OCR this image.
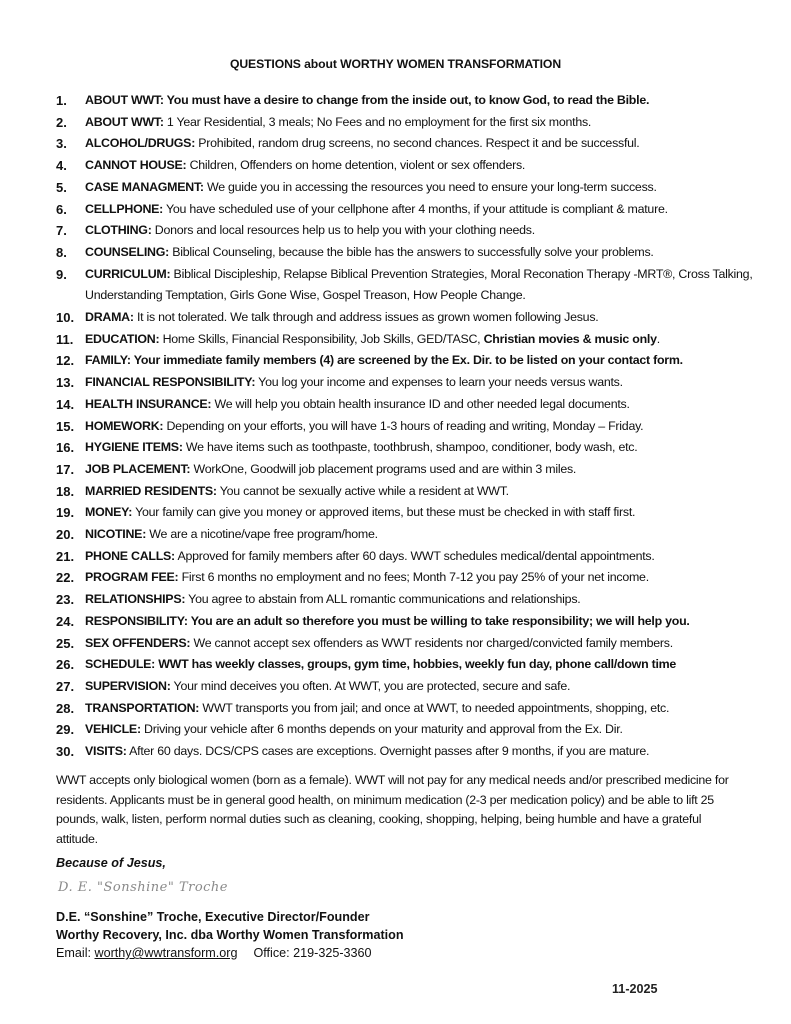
QUESTIONS about WORTHY WOMEN TRANSFORMATION
1.	ABOUT WWT: You must have a desire to change from the inside out, to know God, to read the Bible.
2.	ABOUT WWT: 1 Year Residential, 3 meals; No Fees and no employment for the first six months.
3.	ALCOHOL/DRUGS: Prohibited, random drug screens, no second chances. Respect it and be successful.
4.	CANNOT HOUSE: Children, Offenders on home detention, violent or sex offenders.
5.	CASE MANAGMENT: We guide you in accessing the resources you need to ensure your long-term success.
6.	CELLPHONE: You have scheduled use of your cellphone after 4 months, if your attitude is compliant & mature.
7.	CLOTHING: Donors and local resources help us to help you with your clothing needs.
8.	COUNSELING: Biblical Counseling, because the bible has the answers to successfully solve your problems.
9.	CURRICULUM: Biblical Discipleship, Relapse Biblical Prevention Strategies, Moral Reconation Therapy -MRT®, Cross Talking, Understanding Temptation, Girls Gone Wise, Gospel Treason, How People Change.
10. DRAMA: It is not tolerated. We talk through and address issues as grown women following Jesus.
11. EDUCATION: Home Skills, Financial Responsibility, Job Skills, GED/TASC, Christian movies & music only.
12. FAMILY: Your immediate family members (4) are screened by the Ex. Dir. to be listed on your contact form.
13. FINANCIAL RESPONSIBILITY: You log your income and expenses to learn your needs versus wants.
14. HEALTH INSURANCE: We will help you obtain health insurance ID and other needed legal documents.
15. HOMEWORK: Depending on your efforts, you will have 1-3 hours of reading and writing, Monday – Friday.
16. HYGIENE ITEMS: We have items such as toothpaste, toothbrush, shampoo, conditioner, body wash, etc.
17. JOB PLACEMENT: WorkOne, Goodwill job placement programs used and are within 3 miles.
18. MARRIED RESIDENTS: You cannot be sexually active while a resident at WWT.
19. MONEY: Your family can give you money or approved items, but these must be checked in with staff first.
20. NICOTINE: We are a nicotine/vape free program/home.
21. PHONE CALLS: Approved for family members after 60 days. WWT schedules medical/dental appointments.
22. PROGRAM FEE: First 6 months no employment and no fees; Month 7-12 you pay 25% of your net income.
23. RELATIONSHIPS: You agree to abstain from ALL romantic communications and relationships.
24. RESPONSIBILITY: You are an adult so therefore you must be willing to take responsibility; we will help you.
25. SEX OFFENDERS: We cannot accept sex offenders as WWT residents nor charged/convicted family members.
26. SCHEDULE: WWT has weekly classes, groups, gym time, hobbies, weekly fun day, phone call/down time
27. SUPERVISION: Your mind deceives you often. At WWT, you are protected, secure and safe.
28. TRANSPORTATION: WWT transports you from jail; and once at WWT, to needed appointments, shopping, etc.
29. VEHICLE: Driving your vehicle after 6 months depends on your maturity and approval from the Ex. Dir.
30. VISITS: After 60 days. DCS/CPS cases are exceptions. Overnight passes after 9 months, if you are mature.
WWT accepts only biological women (born as a female). WWT will not pay for any medical needs and/or prescribed medicine for residents. Applicants must be in general good health, on minimum medication (2-3 per medication policy) and be able to lift 25 pounds, walk, listen, perform normal duties such as cleaning, cooking, shopping, helping, being humble and have a grateful attitude.
Because of Jesus,
D. E. "Sonshine" Troche
D.E. “Sonshine” Troche, Executive Director/Founder
Worthy Recovery, Inc. dba Worthy Women Transformation
Email: worthy@wwtransform.org Office: 219-325-3360
11-2025
